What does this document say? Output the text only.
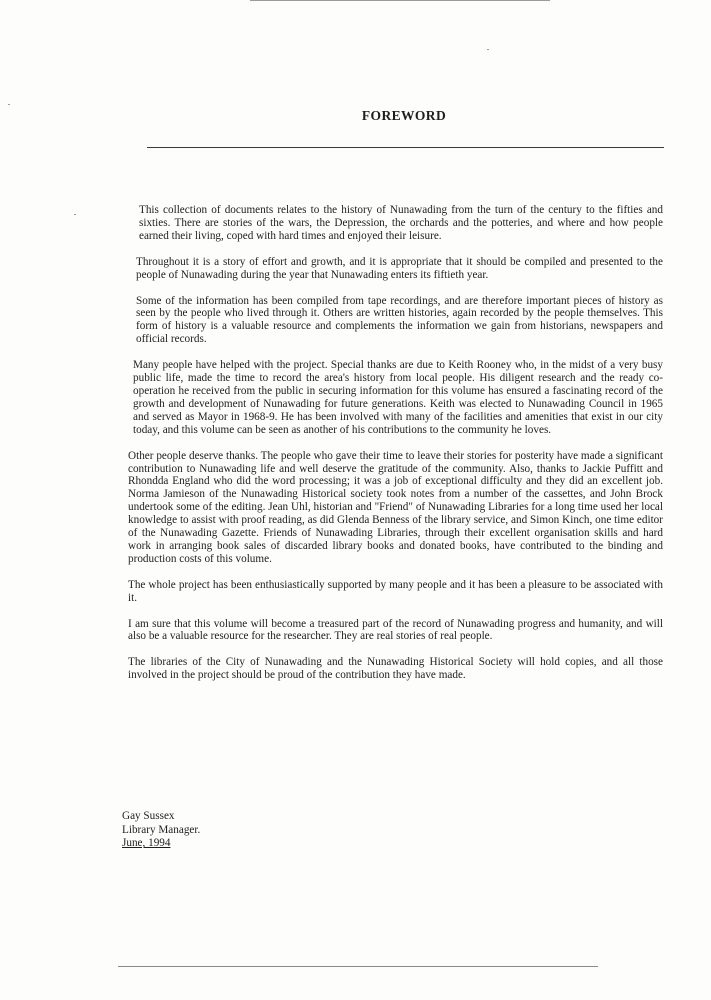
FOREWORD

This collection of documents relates to the history of Nunawading from the turn of the century to the fifties and sixties. There are stories of the wars, the Depression, the orchards and the potteries, and where and how people earned their living, coped with hard times and enjoyed their leisure.

Throughout it is a story of effort and growth, and it is appropriate that it should be compiled and presented to the people of Nunawading during the year that Nunawading enters its fiftieth year.

Some of the information has been compiled from tape recordings, and are therefore important pieces of history as seen by the people who lived through it. Others are written histories, again recorded by the people themselves. This form of history is a valuable resource and complements the information we gain from historians, newspapers and official records.

Many people have helped with the project. Special thanks are due to Keith Rooney who, in the midst of a very busy public life, made the time to record the area's history from local people. His diligent research and the ready co-operation he received from the public in securing information for this volume has ensured a fascinating record of the growth and development of Nunawading for future generations. Keith was elected to Nunawading Council in 1965 and served as Mayor in 1968-9. He has been involved with many of the facilities and amenities that exist in our city today, and this volume can be seen as another of his contributions to the community he loves.

Other people deserve thanks. The people who gave their time to leave their stories for posterity have made a significant contribution to Nunawading life and well deserve the gratitude of the community. Also, thanks to Jackie Puffitt and Rhondda England who did the word processing; it was a job of exceptional difficulty and they did an excellent job. Norma Jamieson of the Nunawading Historical society took notes from a number of the cassettes, and John Brock undertook some of the editing. Jean Uhl, historian and "Friend" of Nunawading Libraries for a long time used her local knowledge to assist with proof reading, as did Glenda Benness of the library service, and Simon Kinch, one time editor of the Nunawading Gazette. Friends of Nunawading Libraries, through their excellent organisation skills and hard work in arranging book sales of discarded library books and donated books, have contributed to the binding and production costs of this volume.

The whole project has been enthusiastically supported by many people and it has been a pleasure to be associated with it.

I am sure that this volume will become a treasured part of the record of Nunawading progress and humanity, and will also be a valuable resource for the researcher. They are real stories of real people.

The libraries of the City of Nunawading and the Nunawading Historical Society will hold copies, and all those involved in the project should be proud of the contribution they have made.

Gay Sussex
Library Manager.
June, 1994
